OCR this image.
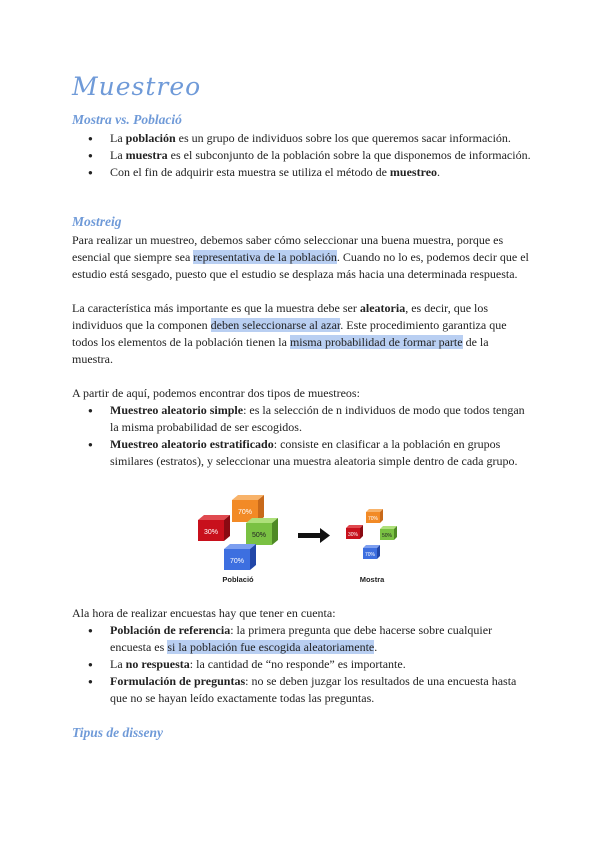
Muestreo
Mostra vs. Població
● La población es un grupo de individuos sobre los que queremos sacar información.
● La muestra es el subconjunto de la población sobre la que disponemos de información.
● Con el fin de adquirir esta muestra se utiliza el método de muestreo.
Mostreig
Para realizar un muestreo, debemos saber cómo seleccionar una buena muestra, porque es esencial que siempre sea representativa de la población. Cuando no lo es, podemos decir que el estudio está sesgado, puesto que el estudio se desplaza más hacia una determinada respuesta.
La característica más importante es que la muestra debe ser aleatoria, es decir, que los individuos que la componen deben seleccionarse al azar. Este procedimiento garantiza que todos los elementos de la población tienen la misma probabilidad de formar parte de la muestra.
A partir de aquí, podemos encontrar dos tipos de muestreos:
● Muestreo aleatorio simple: es la selección de n individuos de modo que todos tengan la misma probabilidad de ser escogidos.
● Muestreo aleatorio estratificado: consiste en clasificar a la población en grupos similares (estratos), y seleccionar una muestra aleatoria simple dentro de cada grupo.
70%
30%	50%
70%
70%
30%	50%
70%
Població	Mostra
Ala hora de realizar encuestas hay que tener en cuenta:
● Población de referencia: la primera pregunta que debe hacerse sobre cualquier encuesta es si la población fue escogida aleatoriamente.
● La no respuesta: la cantidad de “no responde” es importante.
● Formulación de preguntas: no se deben juzgar los resultados de una encuesta hasta que no se hayan leído exactamente todas las preguntas.
Tipus de disseny
